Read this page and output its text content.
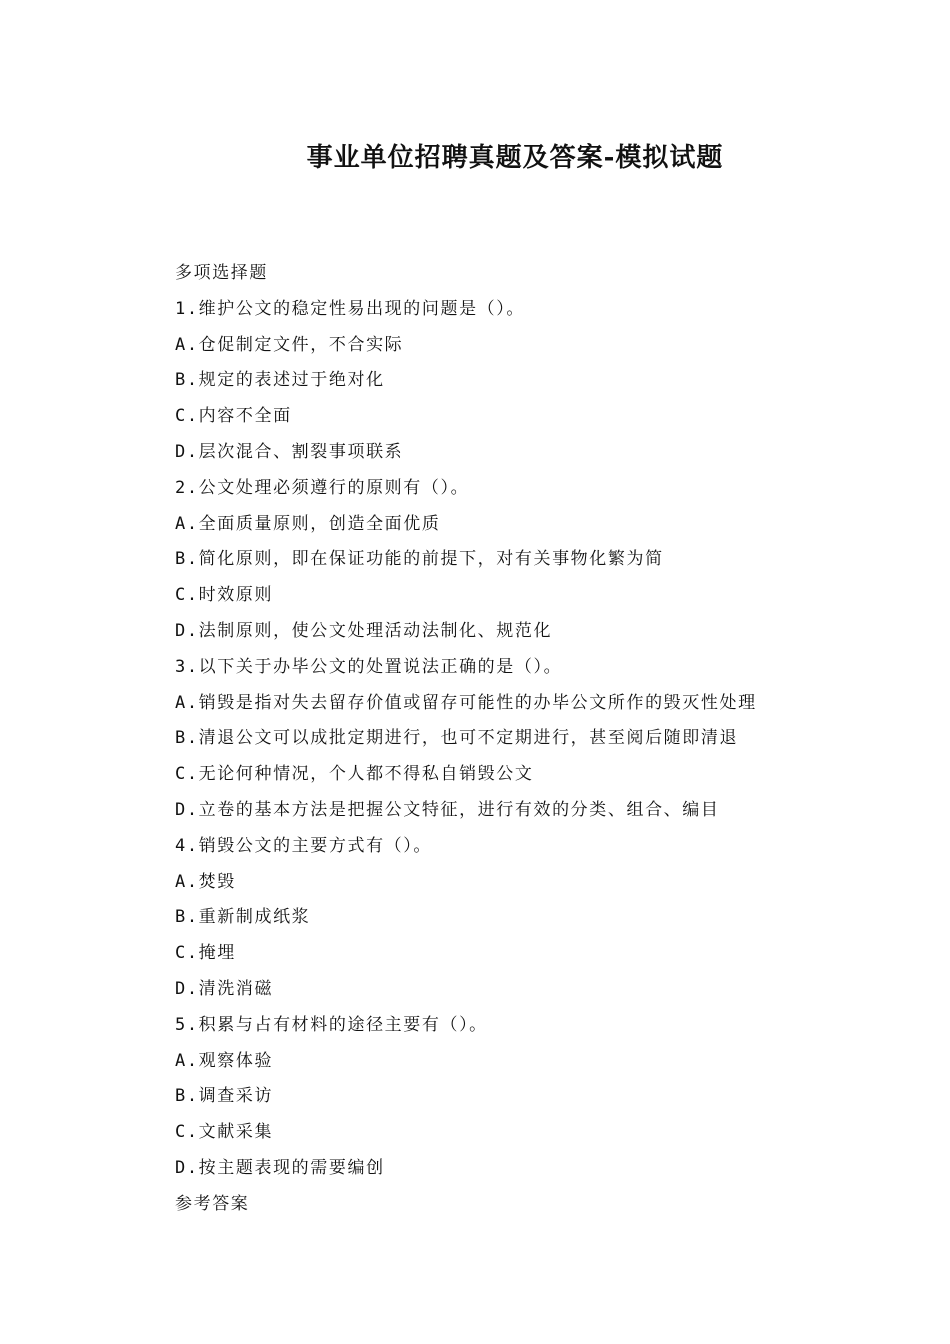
事业单位招聘真题及答案-模拟试题
多项选择题
1.维护公文的稳定性易出现的问题是（）。
A.仓促制定文件，不合实际
B.规定的表述过于绝对化
C.内容不全面
D.层次混合、割裂事项联系
2.公文处理必须遵行的原则有（）。
A.全面质量原则，创造全面优质
B.简化原则，即在保证功能的前提下，对有关事物化繁为简
C.时效原则
D.法制原则，使公文处理活动法制化、规范化
3.以下关于办毕公文的处置说法正确的是（）。
A.销毁是指对失去留存价值或留存可能性的办毕公文所作的毁灭性处理
B.清退公文可以成批定期进行，也可不定期进行，甚至阅后随即清退
C.无论何种情况，个人都不得私自销毁公文
D.立卷的基本方法是把握公文特征，进行有效的分类、组合、编目
4.销毁公文的主要方式有（）。
A.焚毁
B.重新制成纸浆
C.掩埋
D.清洗消磁
5.积累与占有材料的途径主要有（）。
A.观察体验
B.调查采访
C.文献采集
D.按主题表现的需要编创
参考答案
